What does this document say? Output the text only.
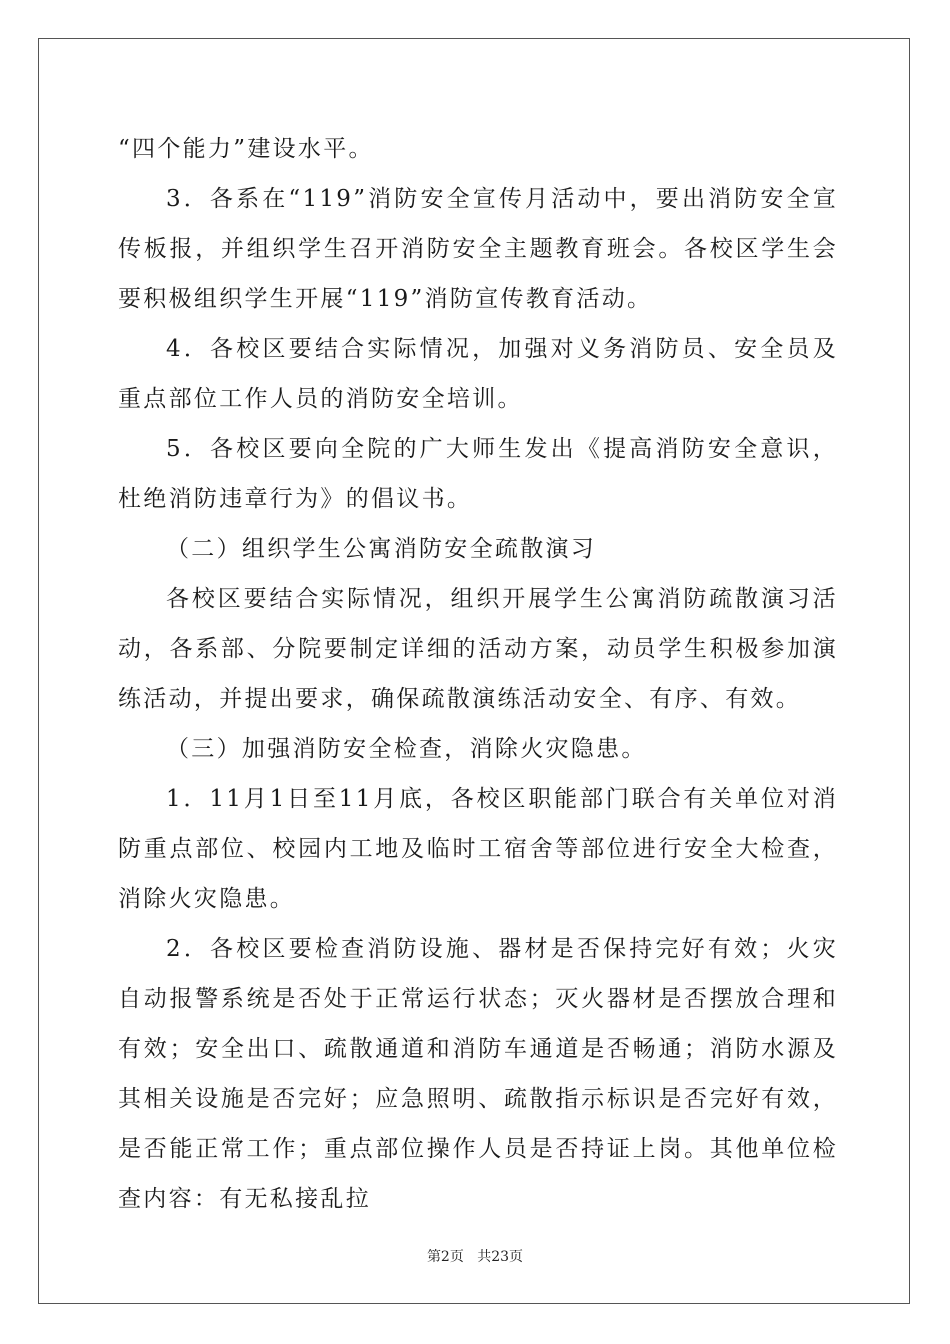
“四个能力”建设水平。

3．各系在“119”消防安全宣传月活动中，要出消防安全宣传板报，并组织学生召开消防安全主题教育班会。各校区学生会要积极组织学生开展“119”消防宣传教育活动。

4．各校区要结合实际情况，加强对义务消防员、安全员及重点部位工作人员的消防安全培训。

5．各校区要向全院的广大师生发出《提高消防安全意识，杜绝消防违章行为》的倡议书。

（二）组织学生公寓消防安全疏散演习

各校区要结合实际情况，组织开展学生公寓消防疏散演习活动，各系部、分院要制定详细的活动方案，动员学生积极参加演练活动，并提出要求，确保疏散演练活动安全、有序、有效。

（三）加强消防安全检查，消除火灾隐患。

1．11月1日至11月底，各校区职能部门联合有关单位对消防重点部位、校园内工地及临时工宿舍等部位进行安全大检查，消除火灾隐患。

2．各校区要检查消防设施、器材是否保持完好有效；火灾自动报警系统是否处于正常运行状态；灭火器材是否摆放合理和有效；安全出口、疏散通道和消防车通道是否畅通；消防水源及其相关设施是否完好；应急照明、疏散指示标识是否完好有效，是否能正常工作；重点部位操作人员是否持证上岗。其他单位检查内容：有无私接乱拉

第2页 共23页
